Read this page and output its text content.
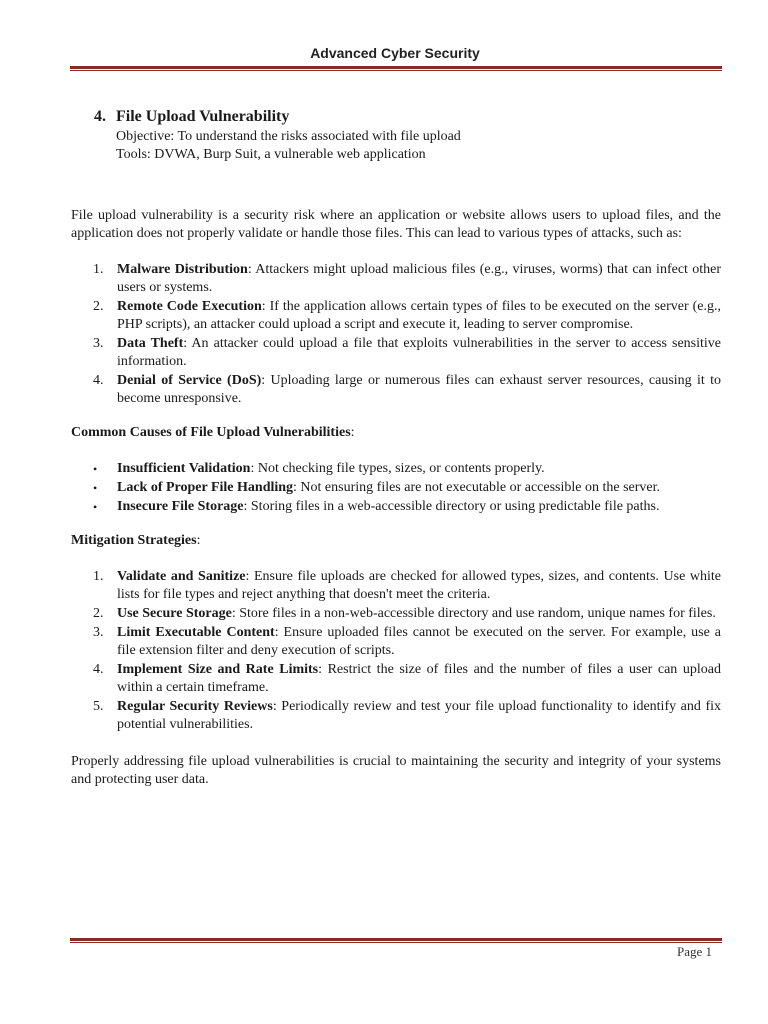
Advanced Cyber Security
4. File Upload Vulnerability
Objective: To understand the risks associated with file upload
Tools: DVWA, Burp Suit, a vulnerable web application

File upload vulnerability is a security risk where an application or website allows users to upload files, and the application does not properly validate or handle those files. This can lead to various types of attacks, such as:

1. Malware Distribution: Attackers might upload malicious files (e.g., viruses, worms) that can infect other users or systems.
2. Remote Code Execution: If the application allows certain types of files to be executed on the server (e.g., PHP scripts), an attacker could upload a script and execute it, leading to server compromise.
3. Data Theft: An attacker could upload a file that exploits vulnerabilities in the server to access sensitive information.
4. Denial of Service (DoS): Uploading large or numerous files can exhaust server resources, causing it to become unresponsive.
Common Causes of File Upload Vulnerabilities:
• Insufficient Validation: Not checking file types, sizes, or contents properly.
• Lack of Proper File Handling: Not ensuring files are not executable or accessible on the server.
• Insecure File Storage: Storing files in a web-accessible directory or using predictable file paths.
Mitigation Strategies:
1. Validate and Sanitize: Ensure file uploads are checked for allowed types, sizes, and contents. Use white lists for file types and reject anything that doesn't meet the criteria.
2. Use Secure Storage: Store files in a non-web-accessible directory and use random, unique names for files.
3. Limit Executable Content: Ensure uploaded files cannot be executed on the server. For example, use a file extension filter and deny execution of scripts.
4. Implement Size and Rate Limits: Restrict the size of files and the number of files a user can upload within a certain timeframe.
5. Regular Security Reviews: Periodically review and test your file upload functionality to identify and fix potential vulnerabilities.

Properly addressing file upload vulnerabilities is crucial to maintaining the security and integrity of your systems and protecting user data.

Page 1
